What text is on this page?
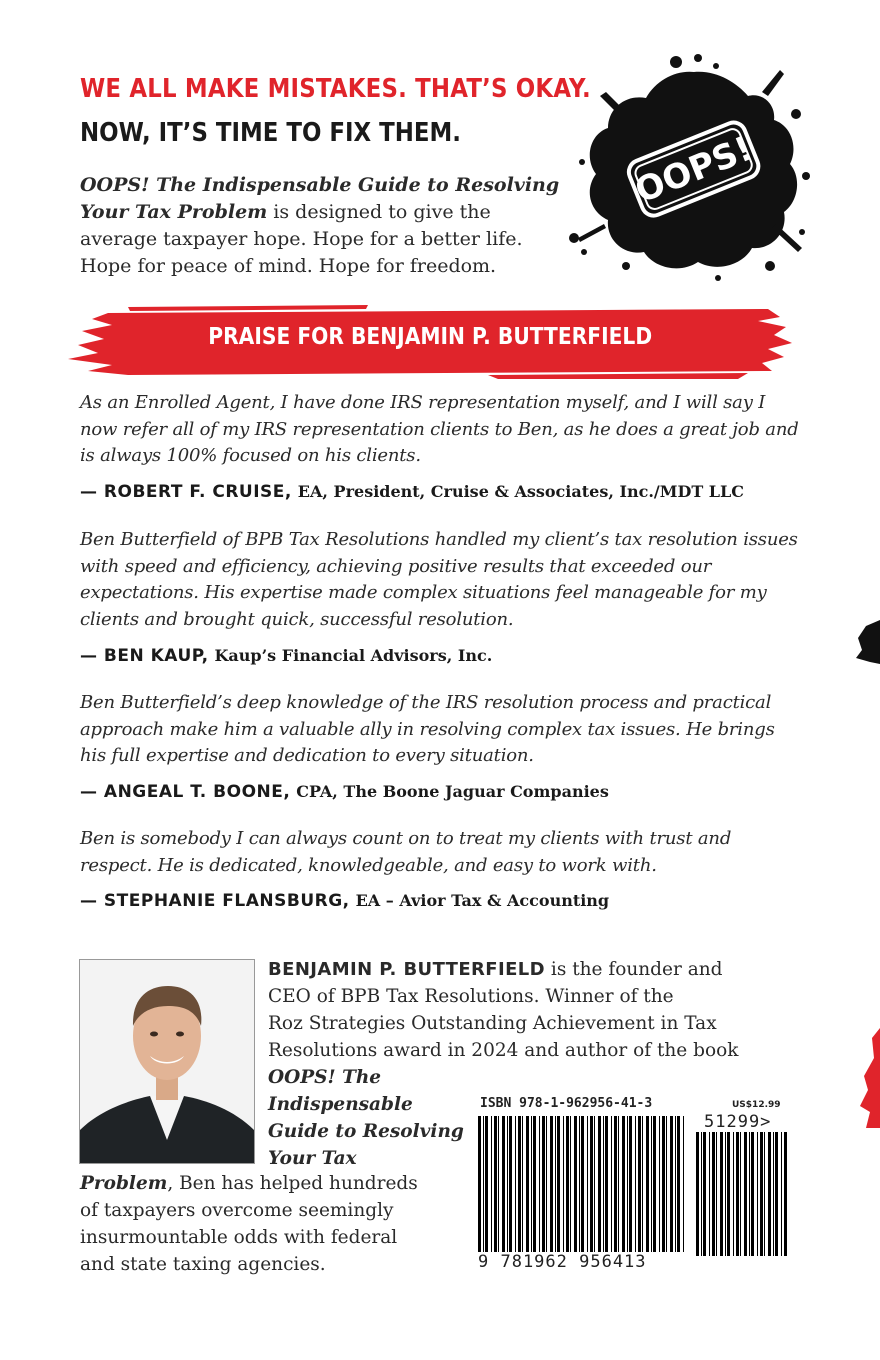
WE ALL MAKE MISTAKES. THAT’S OKAY.
NOW, IT’S TIME TO FIX THEM.
OOPS! The Indispensable Guide to Resolving Your Tax Problem is designed to give the average taxpayer hope. Hope for a better life. Hope for peace of mind. Hope for freedom.
OOPS!
PRAISE FOR BENJAMIN P. BUTTERFIELD
As an Enrolled Agent, I have done IRS representation myself, and I will say I now refer all of my IRS representation clients to Ben, as he does a great job and is always 100% focused on his clients.
— ROBERT F. CRUISE, EA, President, Cruise & Associates, Inc./MDT LLC
Ben Butterfield of BPB Tax Resolutions handled my client’s tax resolution issues with speed and efficiency, achieving positive results that exceeded our expectations. His expertise made complex situations feel manageable for my clients and brought quick, successful resolution.
— BEN KAUP, Kaup’s Financial Advisors, Inc.
Ben Butterfield’s deep knowledge of the IRS resolution process and practical approach make him a valuable ally in resolving complex tax issues. He brings his full expertise and dedication to every situation.
— ANGEAL T. BOONE, CPA, The Boone Jaguar Companies
Ben is somebody I can always count on to treat my clients with trust and respect. He is dedicated, knowledgeable, and easy to work with.
— STEPHANIE FLANSBURG, EA – Avior Tax & Accounting
BENJAMIN P. BUTTERFIELD is the founder and
CEO of BPB Tax Resolutions. Winner of the
Roz Strategies Outstanding Achievement in Tax
Resolutions award in 2024 and author of the book
OOPS! The
Indispensable
Guide to Resolving
Your Tax
Problem, Ben has helped hundreds
of taxpayers overcome seemingly
insurmountable odds with federal
and state taxing agencies.
ISBN 978-1-962956-41-3	US$12.99
51299>
9 781962 956413
